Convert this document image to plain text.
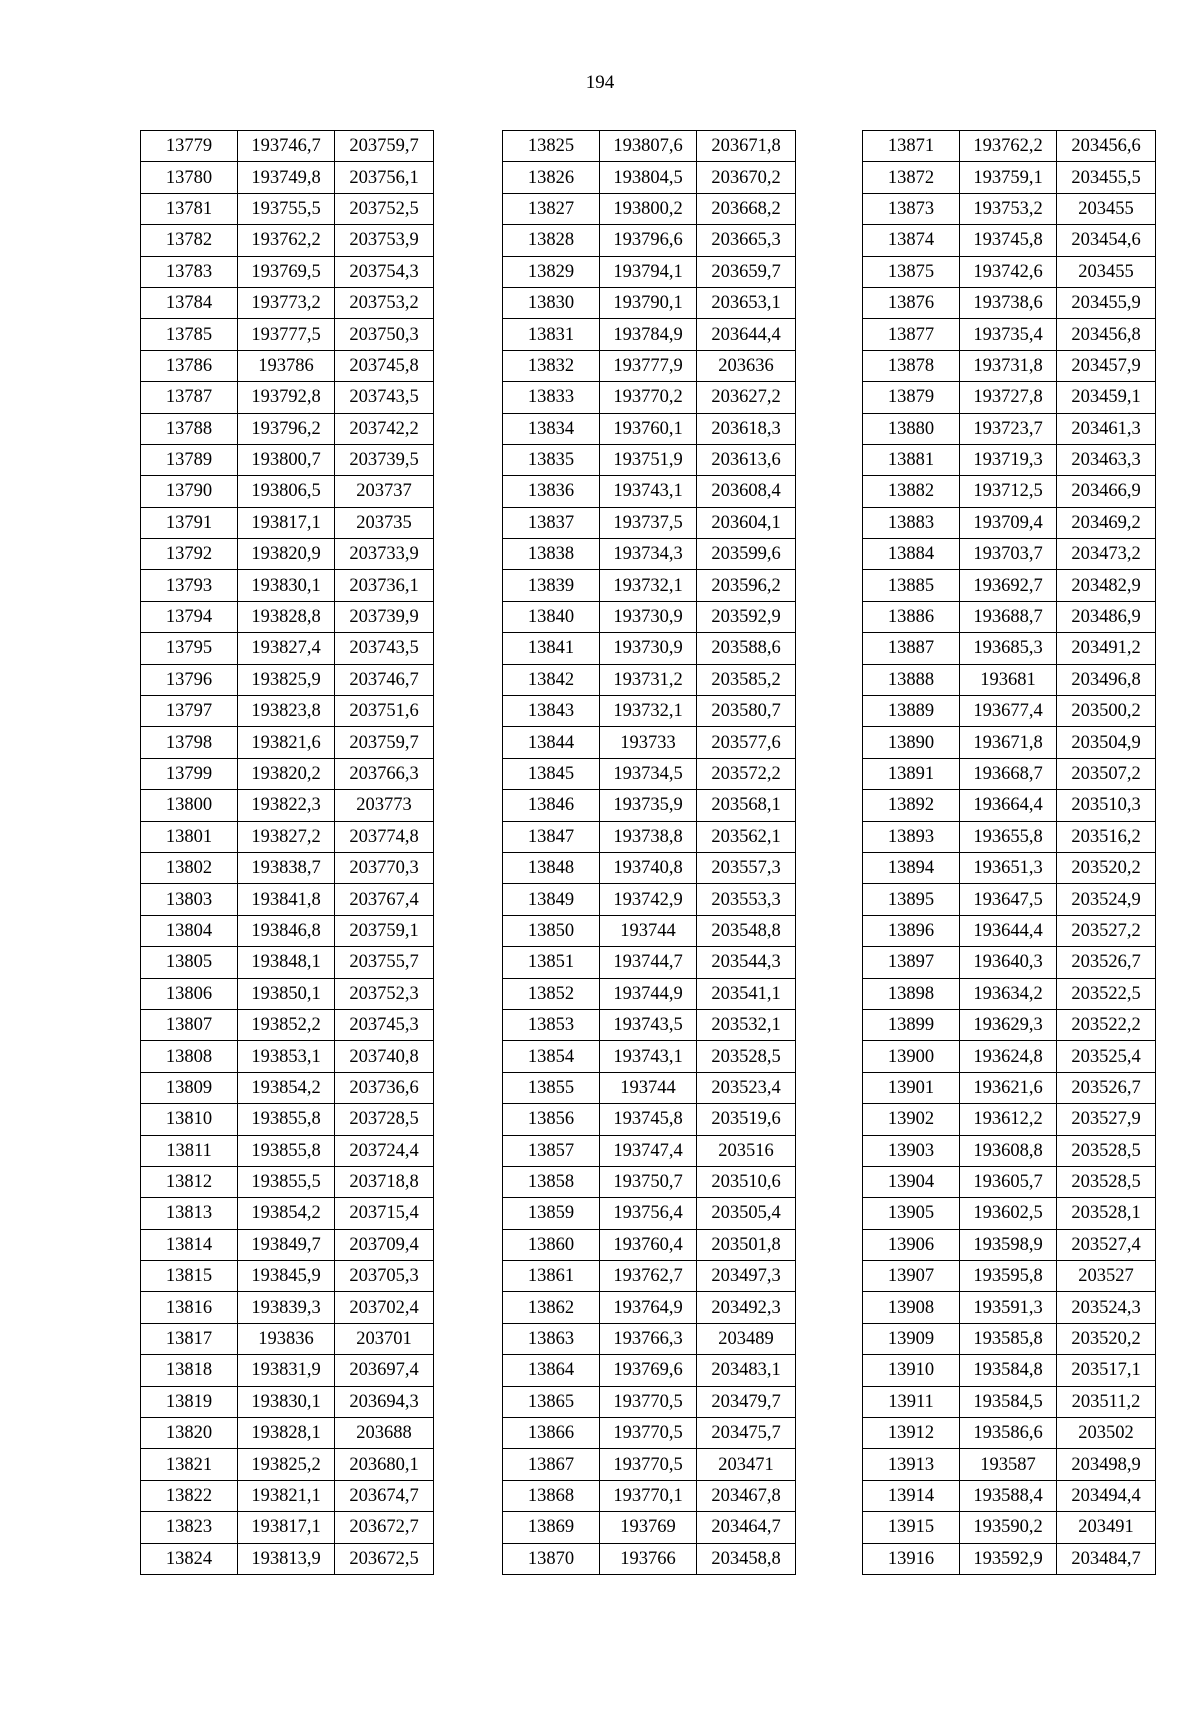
194
13779	193746,7	203759,7
13780	193749,8	203756,1
13781	193755,5	203752,5
13782	193762,2	203753,9
13783	193769,5	203754,3
13784	193773,2	203753,2
13785	193777,5	203750,3
13786	193786	203745,8
13787	193792,8	203743,5
13788	193796,2	203742,2
13789	193800,7	203739,5
13790	193806,5	203737
13791	193817,1	203735
13792	193820,9	203733,9
13793	193830,1	203736,1
13794	193828,8	203739,9
13795	193827,4	203743,5
13796	193825,9	203746,7
13797	193823,8	203751,6
13798	193821,6	203759,7
13799	193820,2	203766,3
13800	193822,3	203773
13801	193827,2	203774,8
13802	193838,7	203770,3
13803	193841,8	203767,4
13804	193846,8	203759,1
13805	193848,1	203755,7
13806	193850,1	203752,3
13807	193852,2	203745,3
13808	193853,1	203740,8
13809	193854,2	203736,6
13810	193855,8	203728,5
13811	193855,8	203724,4
13812	193855,5	203718,8
13813	193854,2	203715,4
13814	193849,7	203709,4
13815	193845,9	203705,3
13816	193839,3	203702,4
13817	193836	203701
13818	193831,9	203697,4
13819	193830,1	203694,3
13820	193828,1	203688
13821	193825,2	203680,1
13822	193821,1	203674,7
13823	193817,1	203672,7
13824	193813,9	203672,5
13825	193807,6	203671,8
13826	193804,5	203670,2
13827	193800,2	203668,2
13828	193796,6	203665,3
13829	193794,1	203659,7
13830	193790,1	203653,1
13831	193784,9	203644,4
13832	193777,9	203636
13833	193770,2	203627,2
13834	193760,1	203618,3
13835	193751,9	203613,6
13836	193743,1	203608,4
13837	193737,5	203604,1
13838	193734,3	203599,6
13839	193732,1	203596,2
13840	193730,9	203592,9
13841	193730,9	203588,6
13842	193731,2	203585,2
13843	193732,1	203580,7
13844	193733	203577,6
13845	193734,5	203572,2
13846	193735,9	203568,1
13847	193738,8	203562,1
13848	193740,8	203557,3
13849	193742,9	203553,3
13850	193744	203548,8
13851	193744,7	203544,3
13852	193744,9	203541,1
13853	193743,5	203532,1
13854	193743,1	203528,5
13855	193744	203523,4
13856	193745,8	203519,6
13857	193747,4	203516
13858	193750,7	203510,6
13859	193756,4	203505,4
13860	193760,4	203501,8
13861	193762,7	203497,3
13862	193764,9	203492,3
13863	193766,3	203489
13864	193769,6	203483,1
13865	193770,5	203479,7
13866	193770,5	203475,7
13867	193770,5	203471
13868	193770,1	203467,8
13869	193769	203464,7
13870	193766	203458,8
13871	193762,2	203456,6
13872	193759,1	203455,5
13873	193753,2	203455
13874	193745,8	203454,6
13875	193742,6	203455
13876	193738,6	203455,9
13877	193735,4	203456,8
13878	193731,8	203457,9
13879	193727,8	203459,1
13880	193723,7	203461,3
13881	193719,3	203463,3
13882	193712,5	203466,9
13883	193709,4	203469,2
13884	193703,7	203473,2
13885	193692,7	203482,9
13886	193688,7	203486,9
13887	193685,3	203491,2
13888	193681	203496,8
13889	193677,4	203500,2
13890	193671,8	203504,9
13891	193668,7	203507,2
13892	193664,4	203510,3
13893	193655,8	203516,2
13894	193651,3	203520,2
13895	193647,5	203524,9
13896	193644,4	203527,2
13897	193640,3	203526,7
13898	193634,2	203522,5
13899	193629,3	203522,2
13900	193624,8	203525,4
13901	193621,6	203526,7
13902	193612,2	203527,9
13903	193608,8	203528,5
13904	193605,7	203528,5
13905	193602,5	203528,1
13906	193598,9	203527,4
13907	193595,8	203527
13908	193591,3	203524,3
13909	193585,8	203520,2
13910	193584,8	203517,1
13911	193584,5	203511,2
13912	193586,6	203502
13913	193587	203498,9
13914	193588,4	203494,4
13915	193590,2	203491
13916	193592,9	203484,7
